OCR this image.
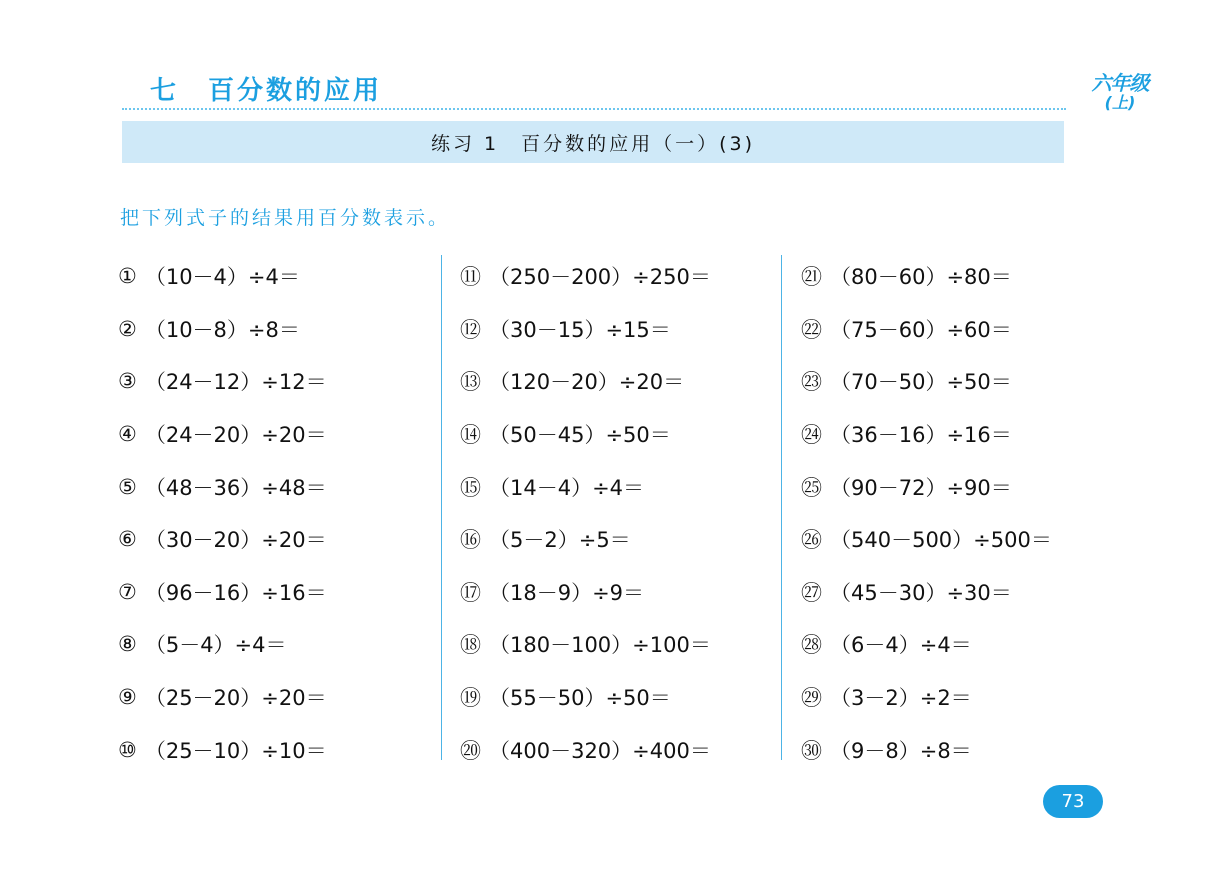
七　百分数的应用	六年级
(上)
练习 1　百分数的应用（一）(3)
把下列式子的结果用百分数表示。
① （10－4）÷4＝
② （10－8）÷8＝
③ （24－12）÷12＝
④ （24－20）÷20＝
⑤ （48－36）÷48＝
⑥ （30－20）÷20＝
⑦ （96－16）÷16＝
⑧ （5－4）÷4＝
⑨ （25－20）÷20＝
⑩ （25－10）÷10＝
⑪ （250－200）÷250＝
⑫ （30－15）÷15＝
⑬ （120－20）÷20＝
⑭ （50－45）÷50＝
⑮ （14－4）÷4＝
⑯ （5－2）÷5＝
⑰ （18－9）÷9＝
⑱ （180－100）÷100＝
⑲ （55－50）÷50＝
⑳ （400－320）÷400＝
㉑ （80－60）÷80＝
㉒ （75－60）÷60＝
㉓ （70－50）÷50＝
㉔ （36－16）÷16＝
㉕ （90－72）÷90＝
㉖ （540－500）÷500＝
㉗ （45－30）÷30＝
㉘ （6－4）÷4＝
㉙ （3－2）÷2＝
㉚ （9－8）÷8＝
73
